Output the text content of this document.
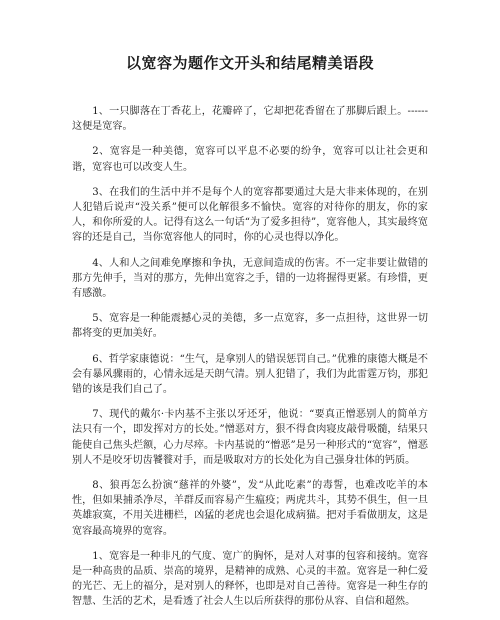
以宽容为题作文开头和结尾精美语段

1、一只脚落在丁香花上，花瓣碎了，它却把花香留在了那脚后跟上。------这便是宽容。

2、宽容是一种美德，宽容可以平息不必要的纷争，宽容可以让社会更和谐，宽容也可以改变人生。

3、在我们的生活中并不是每个人的宽容都要通过大是大非来体现的，在别人犯错后说声“没关系”便可以化解很多不愉快。宽容的对待你的朋友，你的家人，和你所爱的人。记得有这么一句话“为了爱多担待”，宽容他人，其实最终宽容的还是自己，当你宽容他人的同时，你的心灵也得以净化。

4、人和人之间难免摩擦和争执，无意间造成的伤害。不一定非要让做错的那方先伸手，当对的那方，先伸出宽容之手，错的一边将握得更紧。有珍惜，更有感激。

5、宽容是一种能震撼心灵的美德，多一点宽容，多一点担待，这世界一切都将变的更加美好。

6、哲学家康德说：“生气，是拿别人的错误惩罚自己。”优雅的康德大概是不会有暴风骤雨的，心情永远是天朗气清。别人犯错了，我们为此雷霆万钧，那犯错的该是我们自己了。

7、现代的戴尔·卡内基不主张以牙还牙，他说：“要真正憎恶别人的简单方法只有一个，即发挥对方的长处。”憎恶对方，狠不得食肉寝皮敲骨吸髓，结果只能使自己焦头烂额，心力尽瘁。卡内基说的“憎恶”是另一种形式的“宽容”，憎恶别人不是咬牙切齿饕餮对手，而是吸取对方的长处化为自己强身壮体的钙质。

8、狼再怎么扮演“慈祥的外婆”，发“从此吃素”的毒誓，也难改吃羊的本性，但如果捕杀净尽，羊群反而容易产生瘟疫；两虎共斗，其势不俱生，但一旦英雄寂寞，不用关进栅栏，凶猛的老虎也会退化成病猫。把对手看做朋友，这是宽容最高境界的宽容。

1、宽容是一种非凡的气度、宽广的胸怀，是对人对事的包容和接纳。宽容是一种高贵的品质、崇高的境界，是精神的成熟、心灵的丰盈。宽容是一种仁爱的光芒、无上的福分，是对别人的释怀，也即是对自己善待。宽容是一种生存的智慧、生活的艺术，是看透了社会人生以后所获得的那份从容、自信和超然。
